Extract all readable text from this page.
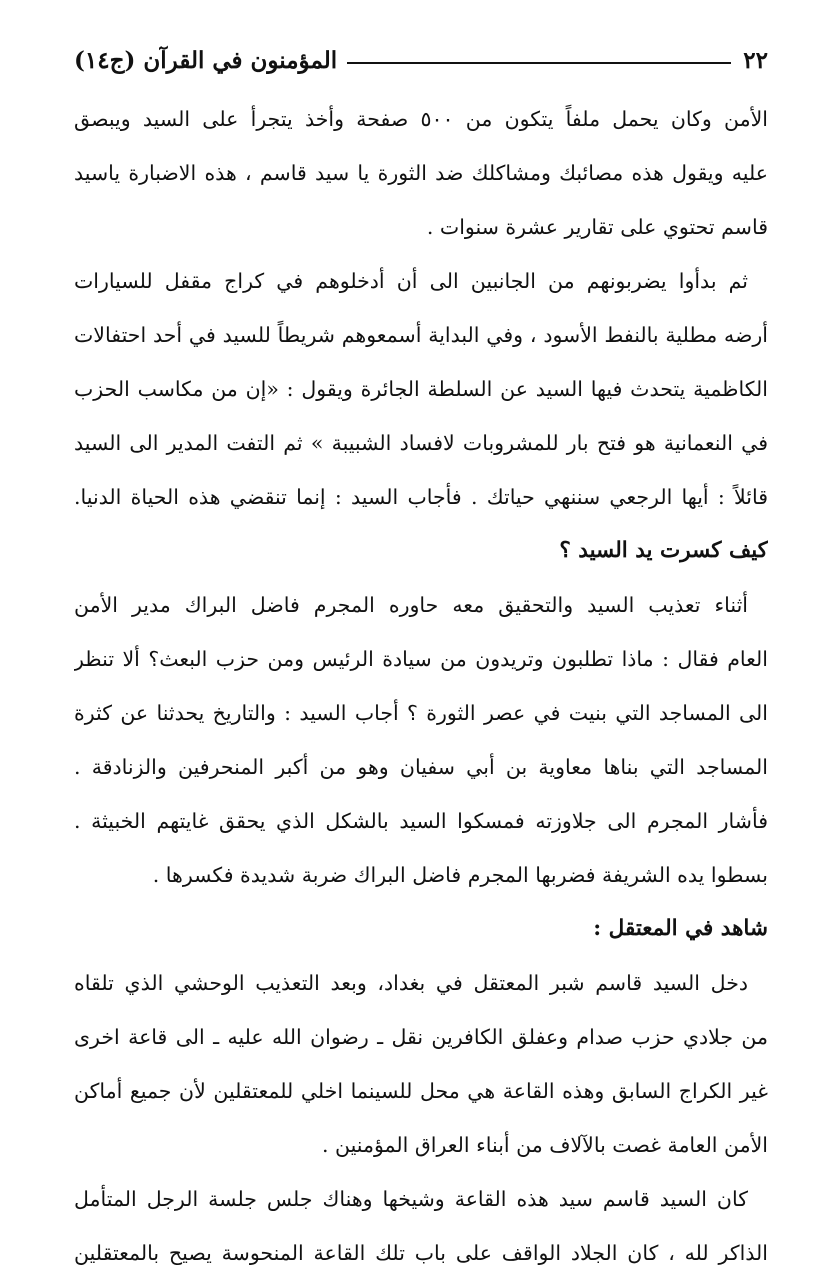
٢٢
المؤمنون في القرآن (ج١٤)
الأمن وكان يحمل ملفاً يتكون من ٥٠٠ صفحة وأخذ يتجرأ على السيد ويبصق
عليه ويقول هذه مصائبك ومشاكلك ضد الثورة يا سيد قاسم ، هذه الاضبارة ياسيد
قاسم تحتوي على تقارير عشرة سنوات .
ثم بدأوا يضربونهم من الجانبين الى أن أدخلوهم في كراج مقفل للسيارات
أرضه مطلية بالنفط الأسود ، وفي البداية أسمعوهم شريطاً للسيد في أحد احتفالات
الكاظمية يتحدث فيها السيد عن السلطة الجائرة ويقول : «إن من مكاسب الحزب
في النعمانية هو فتح بار للمشروبات لافساد الشبيبة » ثم التفت المدير الى السيد
قائلاً : أيها الرجعي سننهي حياتك . فأجاب السيد : إنما تنقضي هذه الحياة الدنيا.
كيف كسرت يد السيد ؟
أثناء تعذيب السيد والتحقيق معه حاوره المجرم فاضل البراك مدير الأمن
العام فقال : ماذا تطلبون وتريدون من سيادة الرئيس ومن حزب البعث؟ ألا تنظر
الى المساجد التي بنيت في عصر الثورة ؟ أجاب السيد : والتاريخ يحدثنا عن كثرة
المساجد التي بناها معاوية بن أبي سفيان وهو من أكبر المنحرفين والزنادقة .
فأشار المجرم الى جلاوزته فمسكوا السيد بالشكل الذي يحقق غايتهم الخبيثة .
بسطوا يده الشريفة فضربها المجرم فاضل البراك ضربة شديدة فكسرها .
شاهد في المعتقل :
دخل السيد قاسم شبر المعتقل في بغداد، وبعد التعذيب الوحشي الذي تلقاه
من جلادي حزب صدام وعفلق الكافرين نقل ـ رضوان الله عليه ـ الى قاعة اخرى
غير الكراج السابق وهذه القاعة هي محل للسينما اخلي للمعتقلين لأن جميع أماكن
الأمن العامة غصت بالآلاف من أبناء العراق المؤمنين .
كان السيد قاسم سيد هذه القاعة وشيخها وهناك جلس جلسة الرجل المتأمل
الذاكر لله ، كان الجلاد الواقف على باب تلك القاعة المنحوسة يصيح بالمعتقلين
